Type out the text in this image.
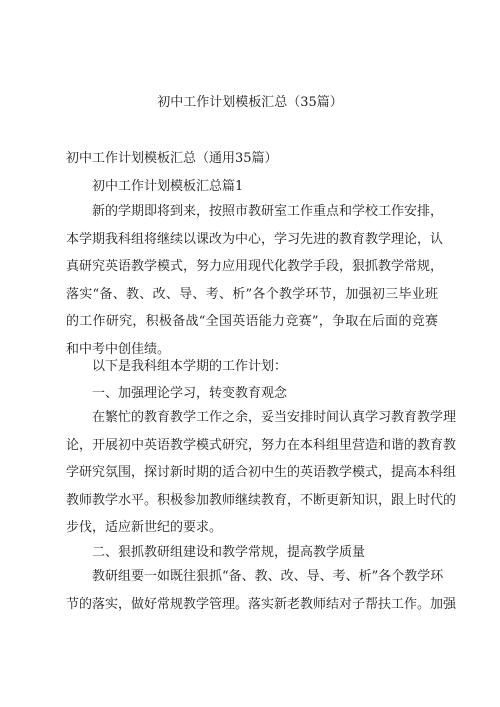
初中工作计划模板汇总（35篇）
初中工作计划模板汇总（通用35篇）
初中工作计划模板汇总篇1
新的学期即将到来，按照市教研室工作重点和学校工作安排，
本学期我科组将继续以课改为中心，学习先进的教育教学理论，认
真研究英语教学模式，努力应用现代化教学手段，狠抓教学常规，
落实“备、教、改、导、考、析”各个教学环节，加强初三毕业班
的工作研究，积极备战“全国英语能力竞赛”，争取在后面的竞赛
和中考中创佳绩。
以下是我科组本学期的工作计划：
一、加强理论学习，转变教育观念
在繁忙的教育教学工作之余，妥当安排时间认真学习教育教学理
论，开展初中英语教学模式研究，努力在本科组里营造和谐的教育教
学研究氛围，探讨新时期的适合初中生的英语教学模式，提高本科组
教师教学水平。积极参加教师继续教育，不断更新知识，跟上时代的
步伐，适应新世纪的要求。
二、狠抓教研组建设和教学常规，提高教学质量
教研组要一如既往狠抓“备、教、改、导、考、析”各个教学环
节的落实，做好常规教学管理。落实新老教师结对子帮扶工作。加强
